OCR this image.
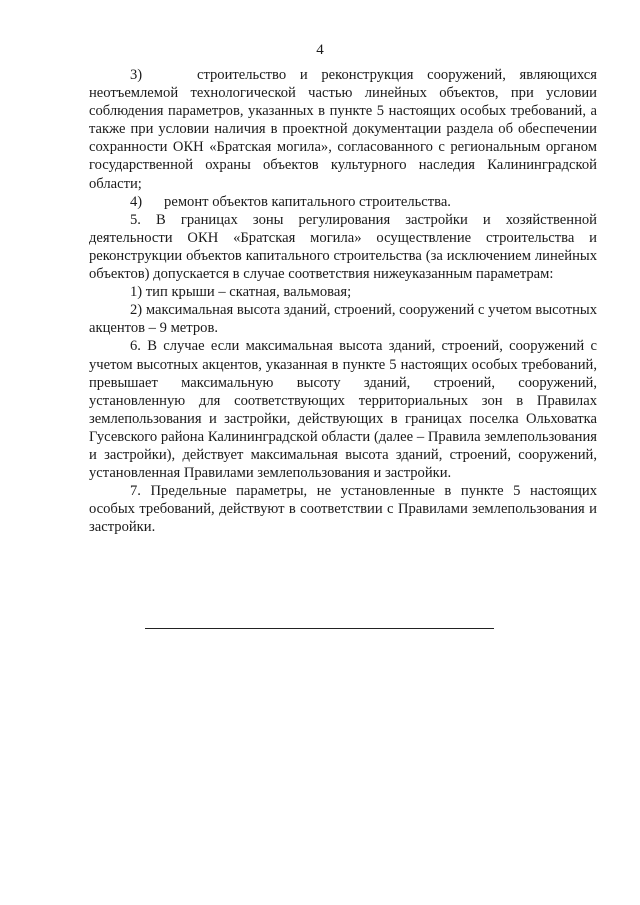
4

3)    строительство и реконструкция сооружений, являющихся неотъемлемой технологической частью линейных объектов, при условии соблюдения параметров, указанных в пункте 5 настоящих особых требований, а также при условии наличия в проектной документации раздела об обеспечении сохранности ОКН «Братская могила», согласованного с региональным органом государственной охраны объектов культурного наследия Калининградской области;

4)      ремонт объектов капитального строительства.

5. В границах зоны регулирования застройки и хозяйственной деятельности ОКН «Братская могила» осуществление строительства и реконструкции объектов капитального строительства (за исключением линейных объектов) допускается в случае соответствия нижеуказанным параметрам:

1) тип крыши – скатная, вальмовая;

2) максимальная высота зданий, строений, сооружений с учетом высотных акцентов – 9 метров.

6. В случае если максимальная высота зданий, строений, сооружений с учетом высотных акцентов, указанная в пункте 5 настоящих особых требований, превышает максимальную высоту зданий, строений, сооружений, установленную для соответствующих территориальных зон в Правилах землепользования и застройки, действующих в границах поселка Ольховатка Гусевского района Калининградской области (далее – Правила землепользования и застройки), действует максимальная высота зданий, строений, сооружений, установленная Правилами землепользования и застройки.

7. Предельные параметры, не установленные в пункте 5 настоящих особых требований, действуют в соответствии с Правилами землепользования и застройки.
